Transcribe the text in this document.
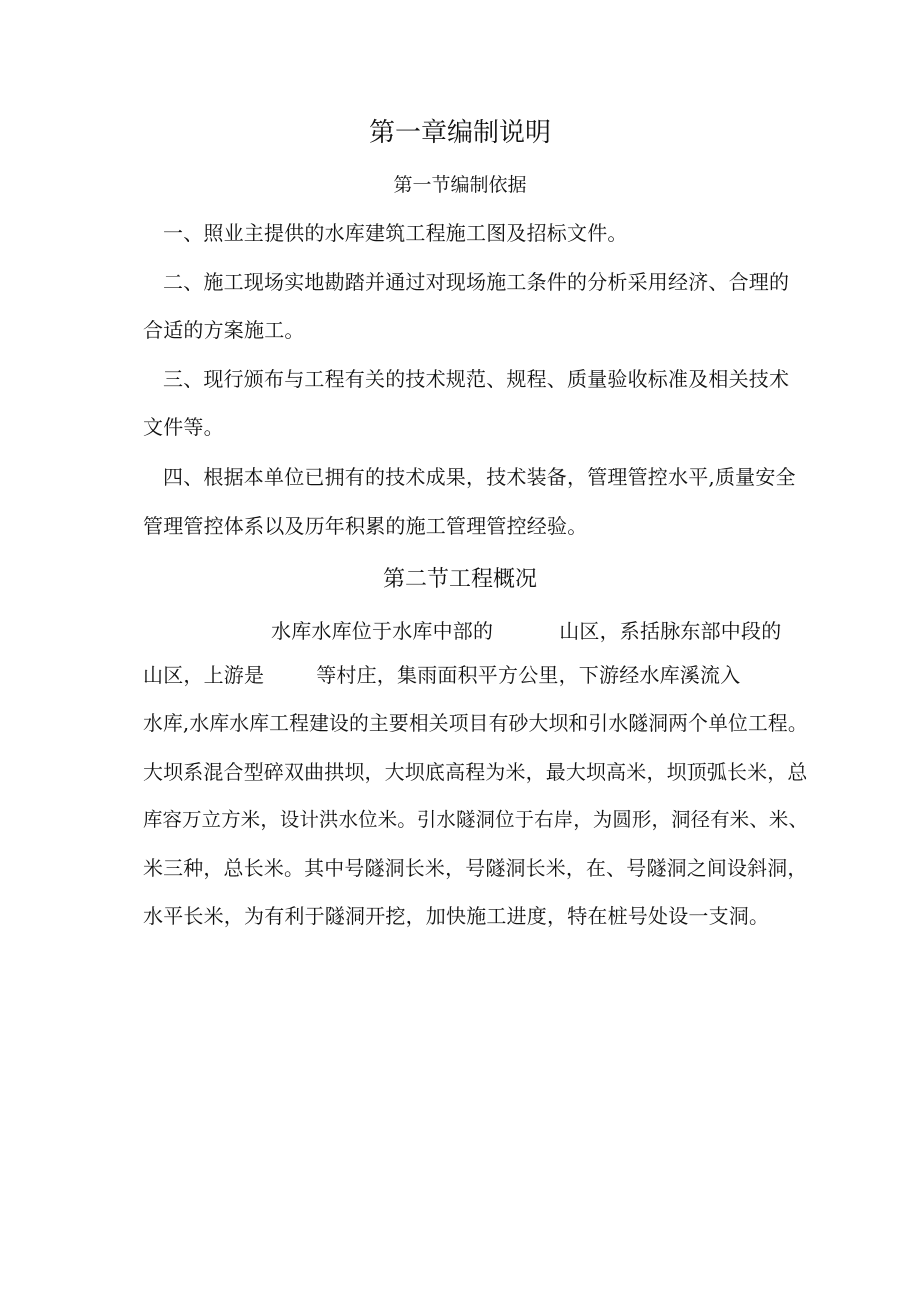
第一章编制说明
第一节编制依据
一、照业主提供的水库建筑工程施工图及招标文件。
二、施工现场实地勘踏并通过对现场施工条件的分析采用经济、合理的
合适的方案施工。
三、现行颁布与工程有关的技术规范、规程、质量验收标准及相关技术
文件等。
四、根据本单位已拥有的技术成果，技术装备，管理管控水平,质量安全
管理管控体系以及历年积累的施工管理管控经验。
第二节工程概况
水库水库位于水库中部的	山区，系括脉东部中段的
山区，上游是	等村庄，集雨面积平方公里，下游经水库溪流入
水库,水库水库工程建设的主要相关项目有砂大坝和引水隧洞两个单位工程。
大坝系混合型碎双曲拱坝，大坝底高程为米，最大坝高米，坝顶弧长米，总
库容万立方米，设计洪水位米。引水隧洞位于右岸，为圆形，洞径有米、米、
米三种，总长米。其中号隧洞长米，号隧洞长米，在、号隧洞之间设斜洞，
水平长米，为有利于隧洞开挖，加快施工进度，特在桩号处设一支洞。
